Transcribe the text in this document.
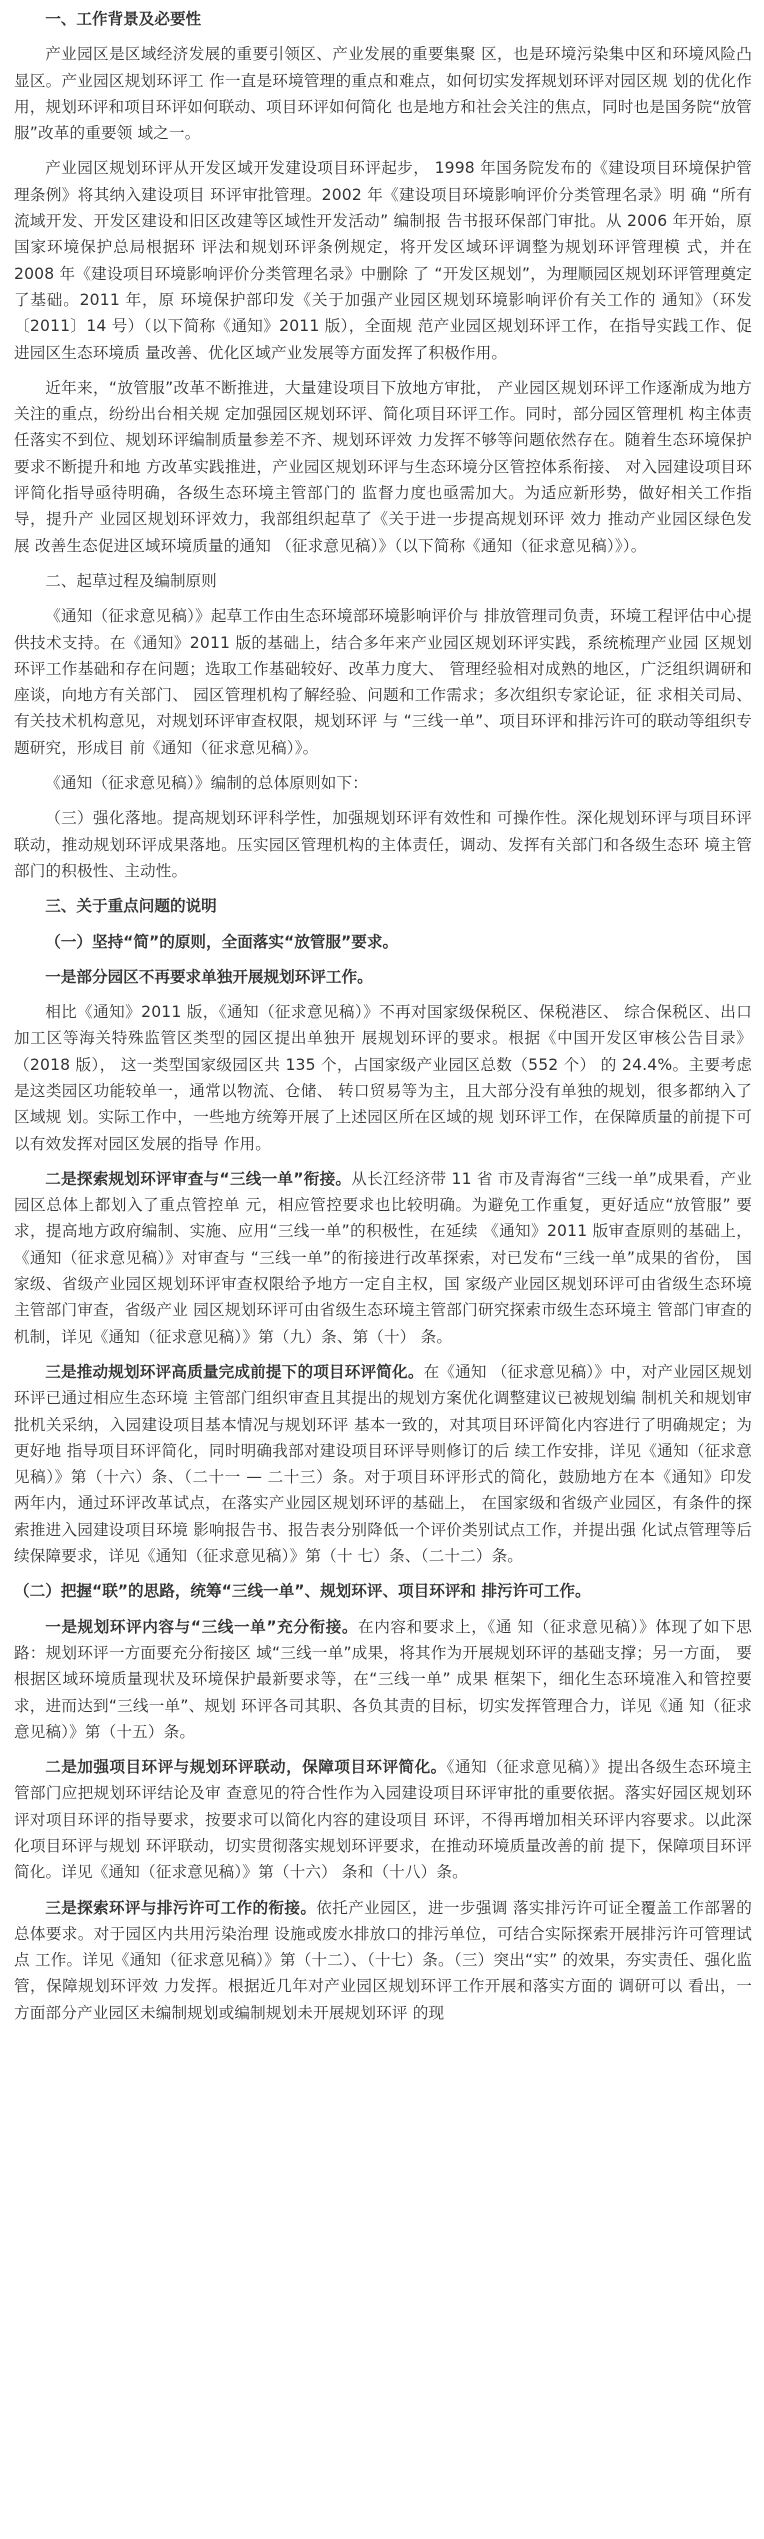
一、工作背景及必要性

产业园区是区域经济发展的重要引领区、产业发展的重要集聚 区，也是环境污染集中区和环境风险凸显区。产业园区规划环评工 作一直是环境管理的重点和难点，如何切实发挥规划环评对园区规 划的优化作用，规划环评和项目环评如何联动、项目环评如何简化 也是地方和社会关注的焦点，同时也是国务院“放管服”改革的重要领 域之一。

产业园区规划环评从开发区域开发建设项目环评起步， 1998 年国务院发布的《建设项目环境保护管理条例》将其纳入建设项目 环评审批管理。2002 年《建设项目环境影响评价分类管理名录》明 确 “所有流域开发、开发区建设和旧区改建等区域性开发活动” 编制报 告书报环保部门审批。从 2006 年开始，原国家环境保护总局根据环 评法和规划环评条例规定，将开发区域环评调整为规划环评管理模 式，并在 2008 年《建设项目环境影响评价分类管理名录》中删除 了 “开发区规划”，为理顺园区规划环评管理奠定了基础。2011 年，原 环境保护部印发《关于加强产业园区规划环境影响评价有关工作的 通知》（环发〔2011〕14 号）（以下简称《通知》2011 版），全面规 范产业园区规划环评工作，在指导实践工作、促进园区生态环境质 量改善、优化区域产业发展等方面发挥了积极作用。

近年来，“放管服”改革不断推进，大量建设项目下放地方审批， 产业园区规划环评工作逐渐成为地方关注的重点，纷纷出台相关规 定加强园区规划环评、简化项目环评工作。同时，部分园区管理机 构主体责任落实不到位、规划环评编制质量参差不齐、规划环评效 力发挥不够等问题依然存在。随着生态环境保护要求不断提升和地 方改革实践推进，产业园区规划环评与生态环境分区管控体系衔接、 对入园建设项目环评简化指导亟待明确，各级生态环境主管部门的 监督力度也亟需加大。为适应新形势，做好相关工作指导，提升产 业园区规划环评效力，我部组织起草了《关于进一步提高规划环评 效力 推动产业园区绿色发展 改善生态促进区域环境质量的通知 （征求意见稿）》（以下简称《通知（征求意见稿）》）。

二、起草过程及编制原则

《通知（征求意见稿）》起草工作由生态环境部环境影响评价与 排放管理司负责，环境工程评估中心提供技术支持。在《通知》2011 版的基础上，结合多年来产业园区规划环评实践，系统梳理产业园 区规划环评工作基础和存在问题；选取工作基础较好、改革力度大、 管理经验相对成熟的地区，广泛组织调研和座谈，向地方有关部门、 园区管理机构了解经验、问题和工作需求；多次组织专家论证，征 求相关司局、有关技术机构意见，对规划环评审查权限，规划环评 与 “三线一单”、项目环评和排污许可的联动等组织专题研究，形成目 前《通知（征求意见稿）》。

《通知（征求意见稿）》编制的总体原则如下：

（三）强化落地。提高规划环评科学性，加强规划环评有效性和 可操作性。深化规划环评与项目环评联动，推动规划环评成果落地。压实园区管理机构的主体责任，调动、发挥有关部门和各级生态环 境主管部门的积极性、主动性。

三、关于重点问题的说明
（一）坚持“简”的原则，全面落实“放管服”要求。
一是部分园区不再要求单独开展规划环评工作。

相比《通知》2011 版，《通知（征求意见稿）》不再对国家级保税区、保税港区、 综合保税区、出口加工区等海关特殊监管区类型的园区提出单独开 展规划环评的要求。根据《中国开发区审核公告目录》（2018 版）， 这一类型国家级园区共 135 个，占国家级产业园区总数（552 个） 的 24.4%。主要考虑是这类园区功能较单一，通常以物流、仓储、 转口贸易等为主，且大部分没有单独的规划，很多都纳入了区域规 划。实际工作中，一些地方统筹开展了上述园区所在区域的规 划环评工作，在保障质量的前提下可以有效发挥对园区发展的指导 作用。

二是探索规划环评审查与“三线一单”衔接。从长江经济带 11 省 市及青海省“三线一单”成果看，产业园区总体上都划入了重点管控单 元，相应管控要求也比较明确。为避免工作重复，更好适应“放管服” 要求，提高地方政府编制、实施、应用“三线一单”的积极性，在延续 《通知》2011 版审查原则的基础上，《通知（征求意见稿）》对审查与 “三线一单”的衔接进行改革探索，对已发布“三线一单”成果的省份， 国家级、省级产业园区规划环评审查权限给予地方一定自主权，国 家级产业园区规划环评可由省级生态环境主管部门审查，省级产业 园区规划环评可由省级生态环境主管部门研究探索市级生态环境主 管部门审查的机制，详见《通知（征求意见稿）》第（九）条、第（十） 条。

三是推动规划环评高质量完成前提下的项目环评简化。在《通知 （征求意见稿）》中，对产业园区规划环评已通过相应生态环境 主管部门组织审查且其提出的规划方案优化调整建议已被规划编 制机关和规划审批机关采纳，入园建设项目基本情况与规划环评 基本一致的，对其项目环评简化内容进行了明确规定；为更好地 指导项目环评简化，同时明确我部对建设项目环评导则修订的后 续工作安排，详见《通知（征求意见稿）》第（十六）条、（二十一 — 二十三）条。对于项目环评形式的简化，鼓励地方在本《通知》印发 两年内，通过环评改革试点，在落实产业园区规划环评的基础上， 在国家级和省级产业园区，有条件的探索推进入园建设项目环境 影响报告书、报告表分别降低一个评价类别试点工作，并提出强 化试点管理等后续保障要求，详见《通知（征求意见稿）》第（十 七）条、（二十二）条。

（二）把握“联”的思路，统筹“三线一单”、规划环评、项目环评和 排污许可工作。

一是规划环评内容与“三线一单”充分衔接。在内容和要求上，《通 知（征求意见稿）》体现了如下思路：规划环评一方面要充分衔接区 域“三线一单”成果，将其作为开展规划环评的基础支撑；另一方面， 要根据区域环境质量现状及环境保护最新要求等，在“三线一单” 成果 框架下，细化生态环境准入和管控要求，进而达到“三线一单”、规划 环评各司其职、各负其责的目标，切实发挥管理合力，详见《通 知（征求意见稿）》第（十五）条。

二是加强项目环评与规划环评联动，保障项目环评简化。《通知（征求意见稿）》提出各级生态环境主管部门应把规划环评结论及审 查意见的符合性作为入园建设项目环评审批的重要依据。落实好园区规划环评对项目环评的指导要求，按要求可以简化内容的建设项目 环评，不得再增加相关环评内容要求。以此深化项目环评与规划 环评联动，切实贯彻落实规划环评要求，在推动环境质量改善的前 提下，保障项目环评简化。详见《通知（征求意见稿）》第（十六） 条和（十八）条。

三是探索环评与排污许可工作的衔接。依托产业园区，进一步强调 落实排污许可证全覆盖工作部署的总体要求。对于园区内共用污染治理 设施或废水排放口的排污单位，可结合实际探索开展排污许可管理试点 工作。详见《通知（征求意见稿）》第（十二）、（十七）条。（三）突出“实” 的效果，夯实责任、强化监管，保障规划环评效 力发挥。根据近几年对产业园区规划环评工作开展和落实方面的 调研可以 看出，一方面部分产业园区未编制规划或编制规划未开展规划环评 的现
